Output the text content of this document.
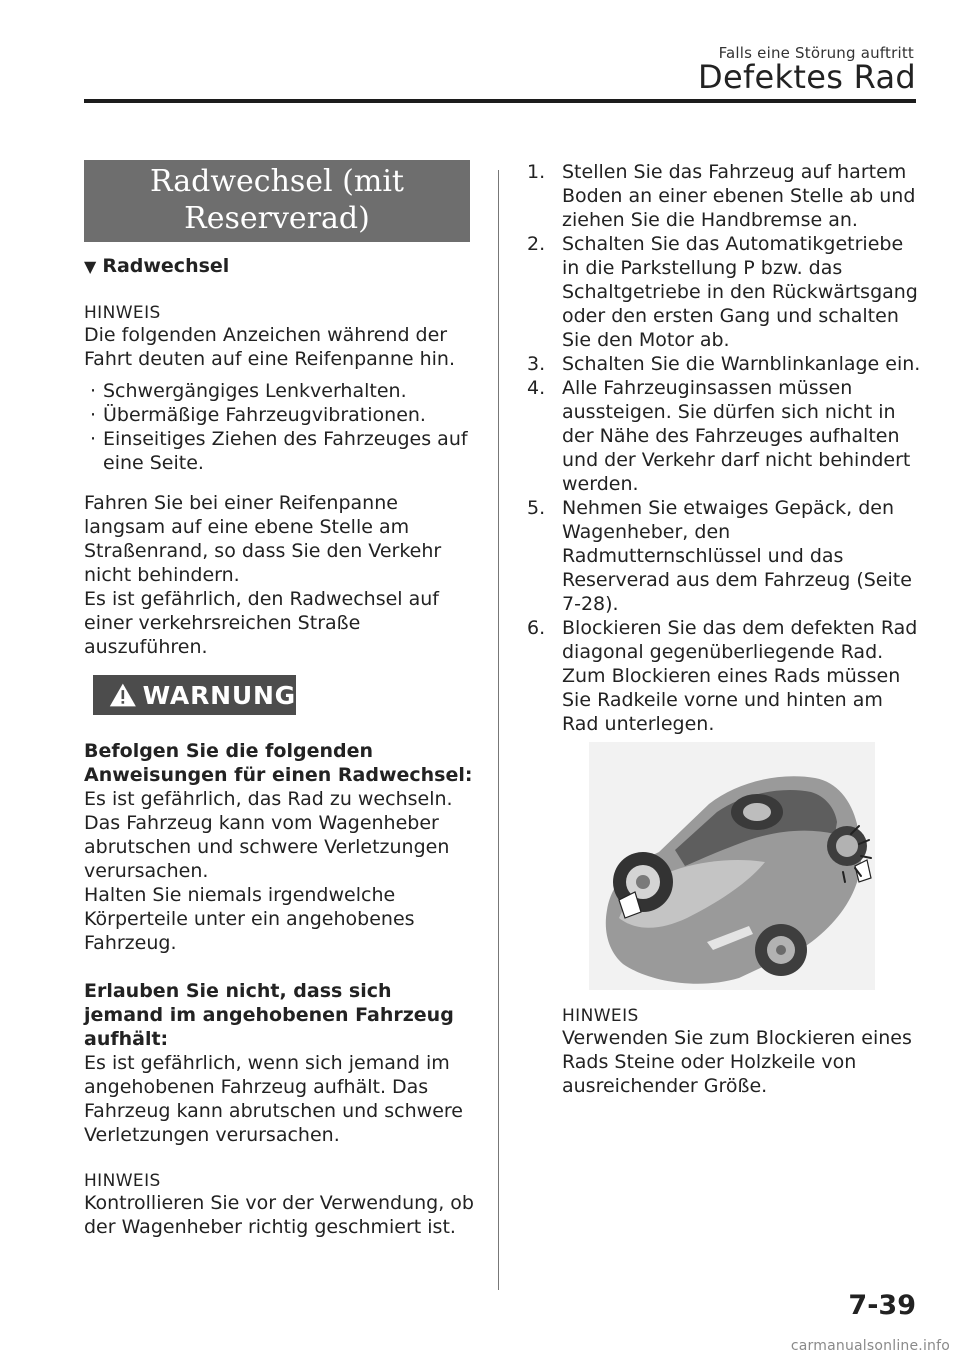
Falls eine Störung auftritt
Defektes Rad
Radwechsel (mit
Reserverad)
▼ Radwechsel

HINWEIS

Die folgenden Anzeichen während der Fahrt deuten auf eine Reifenpanne hin.

· Schwergängiges Lenkverhalten.
· Übermäßige Fahrzeugvibrationen.
· Einseitiges Ziehen des Fahrzeuges auf eine Seite.

Fahren Sie bei einer Reifenpanne langsam auf eine ebene Stelle am Straßenrand, so dass Sie den Verkehr nicht behindern.

Es ist gefährlich, den Radwechsel auf einer verkehrsreichen Straße auszuführen.

WARNUNG

Befolgen Sie die folgenden Anweisungen für einen Radwechsel:

Es ist gefährlich, das Rad zu wechseln. Das Fahrzeug kann vom Wagenheber abrutschen und schwere Verletzungen verursachen.

Halten Sie niemals irgendwelche Körperteile unter ein angehobenes Fahrzeug.

Erlauben Sie nicht, dass sich jemand im angehobenen Fahrzeug aufhält:

Es ist gefährlich, wenn sich jemand im angehobenen Fahrzeug aufhält. Das Fahrzeug kann abrutschen und schwere Verletzungen verursachen.

HINWEIS

Kontrollieren Sie vor der Verwendung, ob der Wagenheber richtig geschmiert ist.

1. Stellen Sie das Fahrzeug auf hartem Boden an einer ebenen Stelle ab und ziehen Sie die Handbremse an.
2. Schalten Sie das Automatikgetriebe in die Parkstellung P bzw. das Schaltgetriebe in den Rückwärtsgang oder den ersten Gang und schalten Sie den Motor ab.
3. Schalten Sie die Warnblinkanlage ein.
4. Alle Fahrzeuginsassen müssen aussteigen. Sie dürfen sich nicht in der Nähe des Fahrzeuges aufhalten und der Verkehr darf nicht behindert werden.
5. Nehmen Sie etwaiges Gepäck, den Wagenheber, den Radmutternschlüssel und das Reserverad aus dem Fahrzeug (Seite 7-28).
6. Blockieren Sie das dem defekten Rad diagonal gegenüberliegende Rad. Zum Blockieren eines Rads müssen Sie Radkeile vorne und hinten am Rad unterlegen.

HINWEIS

Verwenden Sie zum Blockieren eines Rads Steine oder Holzkeile von ausreichender Größe.

7-39
carmanualsonline.info
